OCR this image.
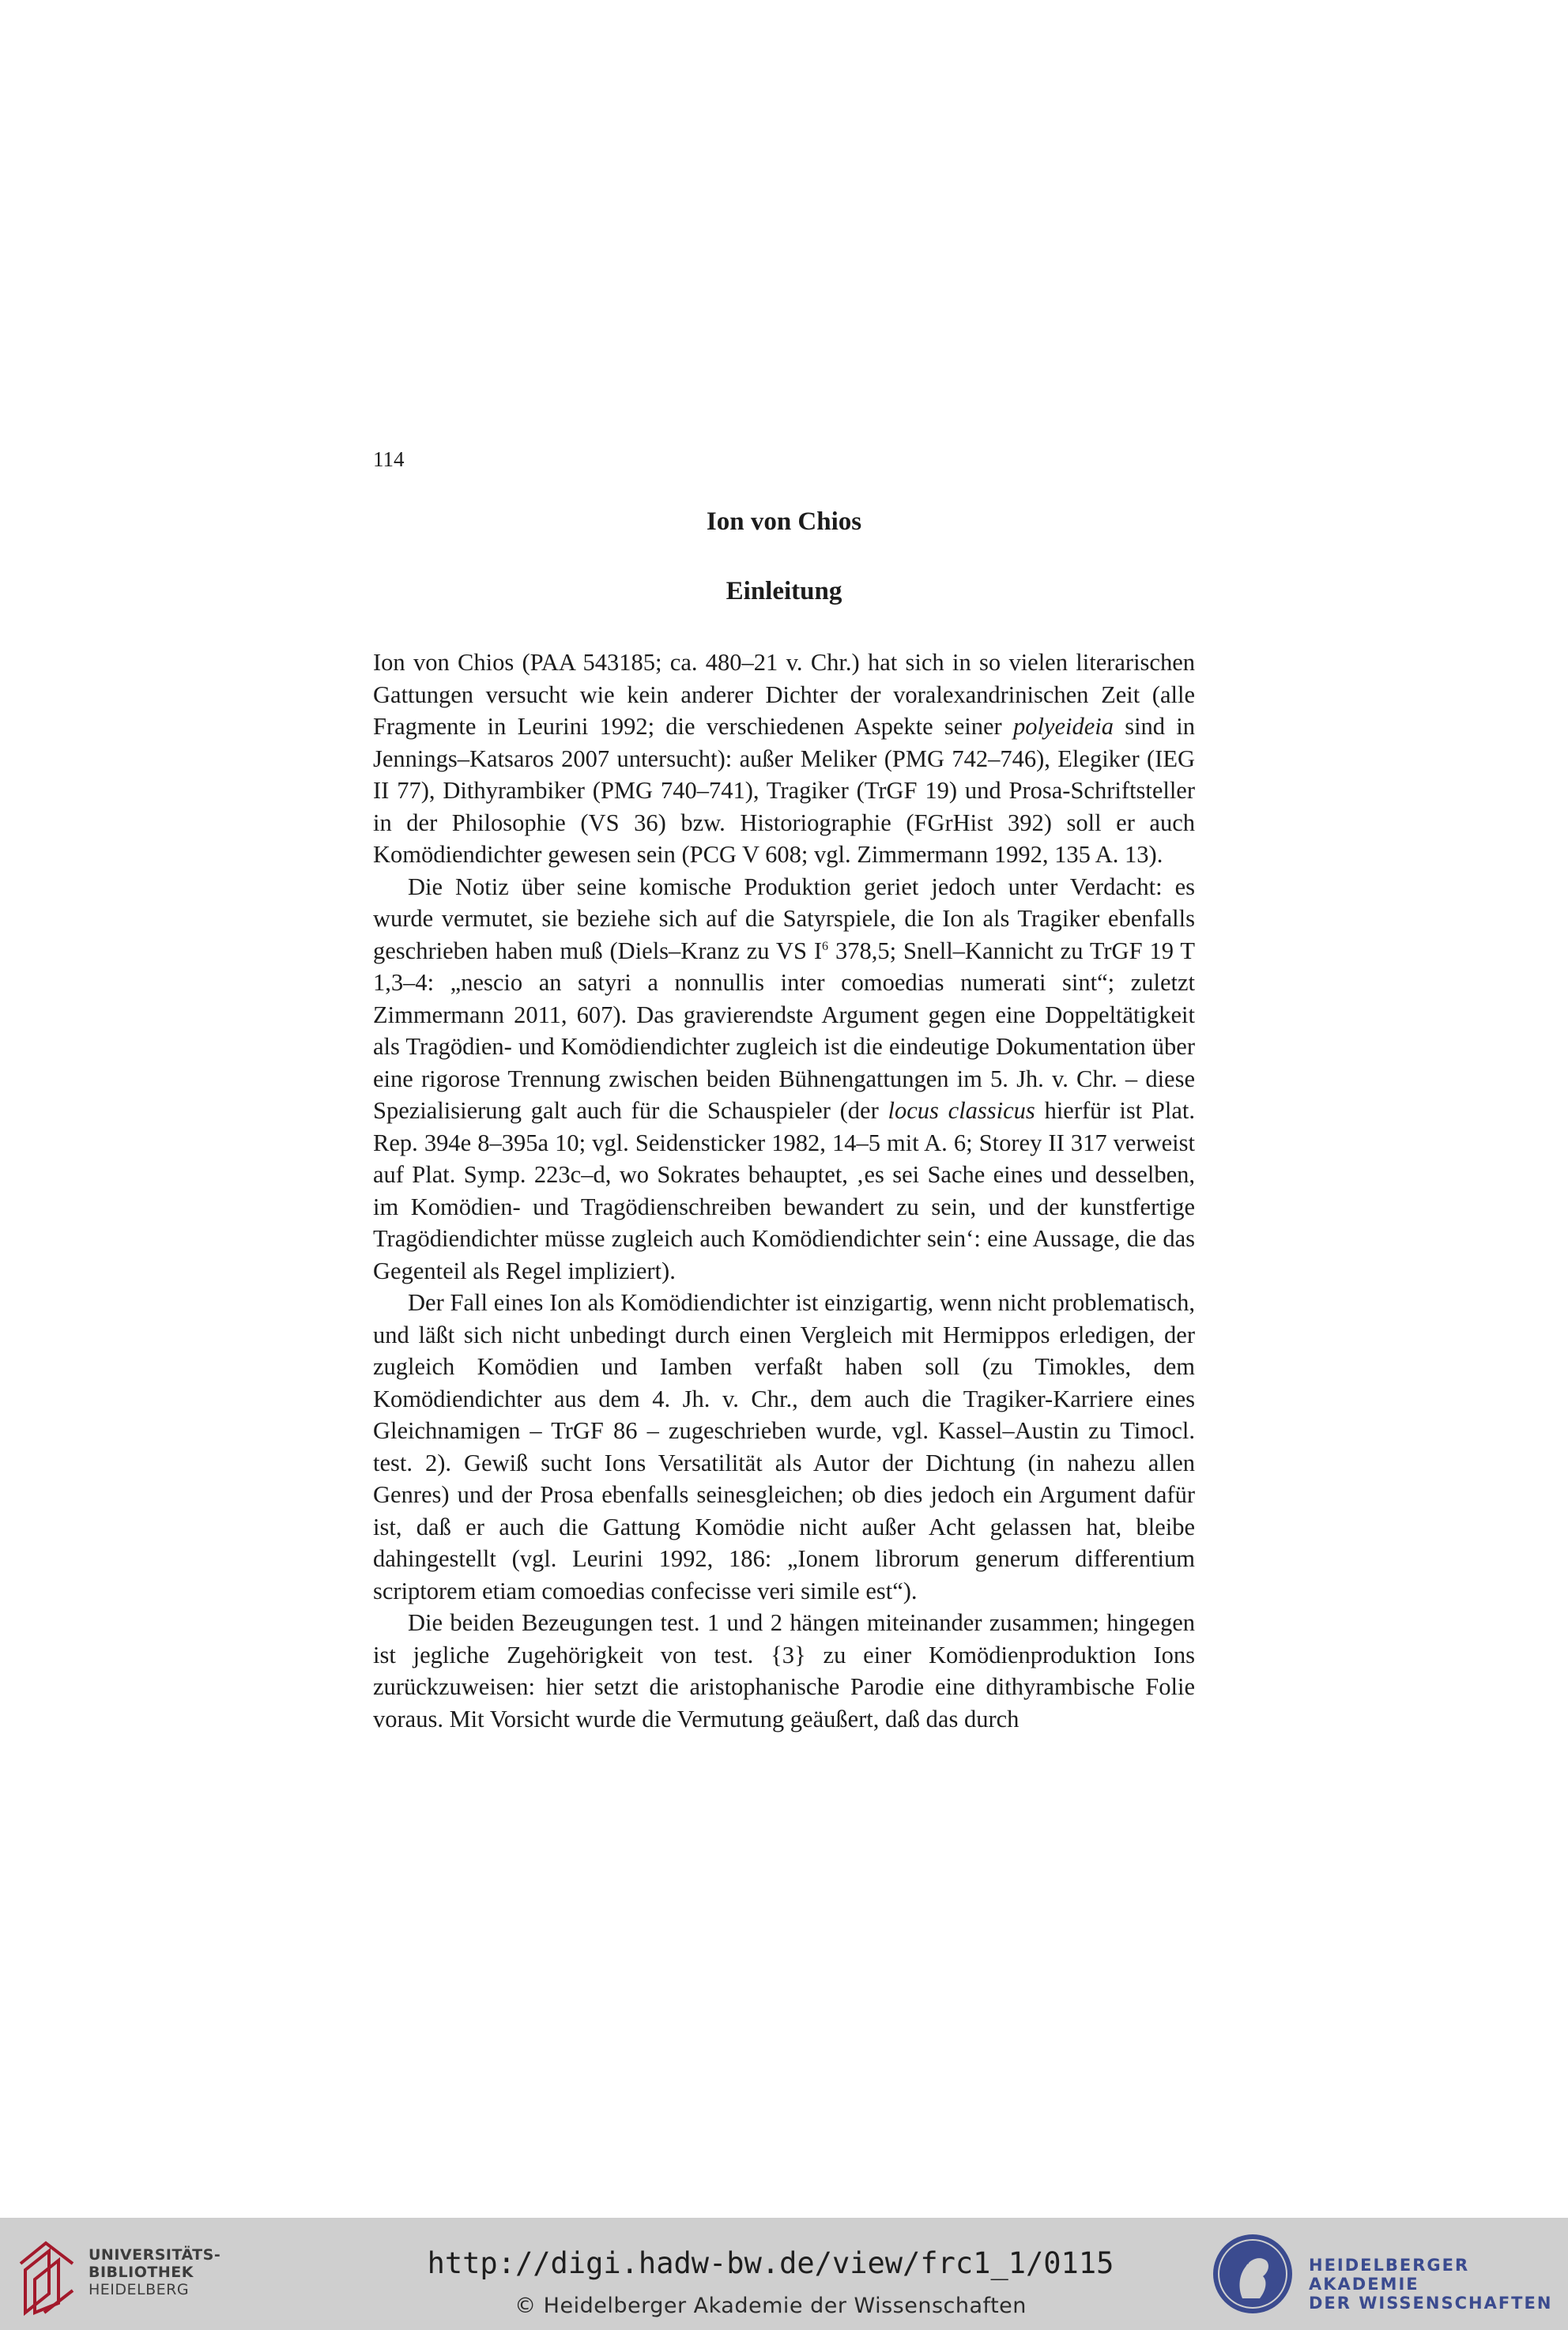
114
Ion von Chios
Einleitung

Ion von Chios (PAA 543185; ca. 480–21 v. Chr.) hat sich in so vielen literarischen Gattungen versucht wie kein anderer Dichter der voralexandrinischen Zeit (alle Fragmente in Leurini 1992; die verschiedenen Aspekte seiner polyeideia sind in Jennings–Katsaros 2007 untersucht): außer Meliker (PMG 742–746), Elegiker (IEG II 77), Dithyrambiker (PMG 740–741), Tragiker (TrGF 19) und Prosa-Schriftsteller in der Philosophie (VS 36) bzw. Historiographie (FGrHist 392) soll er auch Komödiendichter gewesen sein (PCG V 608; vgl. Zimmermann 1992, 135 A. 13).

Die Notiz über seine komische Produktion geriet jedoch unter Verdacht: es wurde vermutet, sie beziehe sich auf die Satyrspiele, die Ion als Tragiker ebenfalls geschrieben haben muß (Diels–Kranz zu VS $I^6$ 378,5; Snell–Kannicht zu TrGF 19 T 1,3–4: „nescio an satyri a nonnullis inter comoedias numerati sint“; zuletzt Zimmermann 2011, 607). Das gravierendste Argument gegen eine Doppeltätigkeit als Tragödien- und Komödiendichter zugleich ist die eindeutige Dokumentation über eine rigorose Trennung zwischen beiden Bühnengattungen im 5. Jh. v. Chr. – diese Spezialisierung galt auch für die Schauspieler (der locus classicus hierfür ist Plat. Rep. 394e 8–395a 10; vgl. Seidensticker 1982, 14–5 mit A. 6; Storey II 317 verweist auf Plat. Symp. 223c–d, wo Sokrates behauptet, ‚es sei Sache eines und desselben, im Komödien- und Tragödienschreiben bewandert zu sein, und der kunstfertige Tragödiendichter müsse zugleich auch Komödiendichter sein‘: eine Aussage, die das Gegenteil als Regel impliziert).

Der Fall eines Ion als Komödiendichter ist einzigartig, wenn nicht problematisch, und läßt sich nicht unbedingt durch einen Vergleich mit Hermippos erledigen, der zugleich Komödien und Iamben verfaßt haben soll (zu Timokles, dem Komödiendichter aus dem 4. Jh. v. Chr., dem auch die Tragiker-Karriere eines Gleichnamigen – TrGF 86 – zugeschrieben wurde, vgl. Kassel–Austin zu Timocl. test. 2). Gewiß sucht Ions Versatilität als Autor der Dichtung (in nahezu allen Genres) und der Prosa ebenfalls seinesgleichen; ob dies jedoch ein Argument dafür ist, daß er auch die Gattung Komödie nicht außer Acht gelassen hat, bleibe dahingestellt (vgl. Leurini 1992, 186: „Ionem librorum generum differentium scriptorem etiam comoedias confecisse veri simile est“).

Die beiden Bezeugungen test. 1 und 2 hängen miteinander zusammen; hingegen ist jegliche Zugehörigkeit von test. {3} zu einer Komödienproduktion Ions zurückzuweisen: hier setzt die aristophanische Parodie eine dithyrambische Folie voraus. Mit Vorsicht wurde die Vermutung geäußert, daß das durch

UNIVERSITÄTS-
BIBLIOTHEK
HEIDELBERG
http://digi.hadw-bw.de/view/frc1_1/0115
© Heidelberger Akademie der Wissenschaften
HEIDELBERGER AKADEMIE
DER WISSENSCHAFTEN
